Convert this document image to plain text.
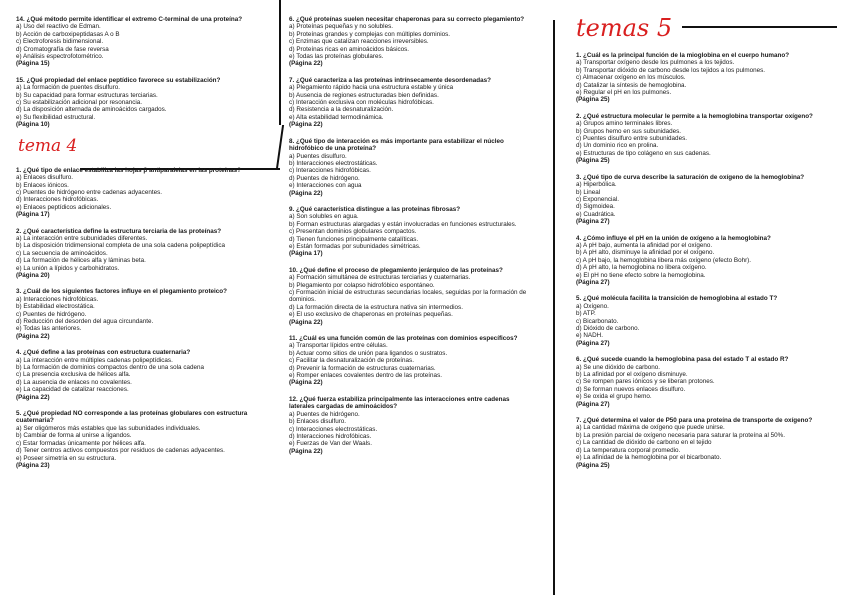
14. ¿Qué método permite identificar el extremo C-terminal de una proteína?
a) Uso del reactivo de Edman.
b) Acción de carboxipeptidasas A o B
c) Electroforesis bidimensional.
d) Cromatografía de fase reversa
e) Análisis espectrofotométrico.
(Página 15)
15. ¿Qué propiedad del enlace peptídico favorece su estabilización?
a) La formación de puentes disulfuro.
b) Su capacidad para formar estructuras terciarias.
c) Su estabilización adicional por resonancia.
d) La disposición alternada de aminoácidos cargados.
e) Su flexibilidad estructural.
(Página 10)
tema 4
1. ¿Qué tipo de enlace estabiliza las hojas β antiparalelas en las proteínas?
a) Enlaces disulfuro.
b) Enlaces iónicos.
c) Puentes de hidrógeno entre cadenas adyacentes.
d) Interacciones hidrofóbicas.
e) Enlaces peptídicos adicionales.
(Página 17)
2. ¿Qué característica define la estructura terciaria de las proteínas?
a) La interacción entre subunidades diferentes.
b) La disposición tridimensional completa de una sola cadena polipeptídica
c) La secuencia de aminoácidos.
d) La formación de hélices alfa y láminas beta.
e) La unión a lípidos y carbohidratos.
(Página 20)
3. ¿Cuál de los siguientes factores influye en el plegamiento proteico?
a) Interacciones hidrofóbicas.
b) Estabilidad electrostática.
c) Puentes de hidrógeno.
d) Reducción del desorden del agua circundante.
e) Todas las anteriores.
(Página 22)
4. ¿Qué define a las proteínas con estructura cuaternaria?
a) La interacción entre múltiples cadenas polipeptídicas.
b) La formación de dominios compactos dentro de una sola cadena
c) La presencia exclusiva de hélices alfa.
d) La ausencia de enlaces no covalentes.
e) La capacidad de catalizar reacciones.
(Página 22)
5. ¿Qué propiedad NO corresponde a las proteínas globulares con estructura cuaternaria?
a) Ser oligómeros más estables que las subunidades individuales.
b) Cambiar de forma al unirse a ligandos.
c) Estar formadas únicamente por hélices alfa.
d) Tener centros activos compuestos por residuos de cadenas adyacentes.
e) Poseer simetría en su estructura.
(Página 23)
6. ¿Qué proteínas suelen necesitar chaperonas para su correcto plegamiento?
a) Proteínas pequeñas y no solubles.
b) Proteínas grandes y complejas con múltiples dominios.
c) Enzimas que catalizan reacciones irreversibles.
d) Proteínas ricas en aminoácidos básicos.
e) Todas las proteínas globulares.
(Página 22)
7. ¿Qué caracteriza a las proteínas intrínsecamente desordenadas?
a) Plegamiento rápido hacia una estructura estable y única
b) Ausencia de regiones estructuradas bien definidas.
c) Interacción exclusiva con moléculas hidrofóbicas.
d) Resistencia a la desnaturalización.
e) Alta estabilidad termodinámica.
(Página 22)
8. ¿Qué tipo de interacción es más importante para estabilizar el núcleo hidrofóbico de una proteína?
a) Puentes disulfuro.
b) Interacciones electrostáticas.
c) Interacciones hidrofóbicas.
d) Puentes de hidrógeno.
e) Interacciones con agua
(Página 22)
9. ¿Qué característica distingue a las proteínas fibrosas?
a) Son solubles en agua.
b) Forman estructuras alargadas y están involucradas en funciones estructurales.
c) Presentan dominios globulares compactos.
d) Tienen funciones principalmente catalíticas.
e) Están formadas por subunidades simétricas.
(Página 17)
10. ¿Qué define el proceso de plegamiento jerárquico de las proteínas?
a) Formación simultánea de estructuras terciarias y cuaternarias.
b) Plegamiento por colapso hidrofóbico espontáneo.
c) Formación inicial de estructuras secundarias locales, seguidas por la formación de dominios.
d) La formación directa de la estructura nativa sin intermedios.
e) El uso exclusivo de chaperonas en proteínas pequeñas.
(Página 22)
11. ¿Cuál es una función común de las proteínas con dominios específicos?
a) Transportar lípidos entre células.
b) Actuar como sitios de unión para ligandos o sustratos.
c) Facilitar la desnaturalización de proteínas.
d) Prevenir la formación de estructuras cuaternarias.
e) Romper enlaces covalentes dentro de las proteínas.
(Página 22)
12. ¿Qué fuerza estabiliza principalmente las interacciones entre cadenas laterales cargadas de aminoácidos?
a) Puentes de hidrógeno.
b) Enlaces disulfuro.
c) Interacciones electrostáticas.
d) Interacciones hidrofóbicas.
e) Fuerzas de Van der Waals.
(Página 22)
temas 5
1. ¿Cuál es la principal función de la mioglobina en el cuerpo humano?
a) Transportar oxígeno desde los pulmones a los tejidos.
b) Transportar dióxido de carbono desde los tejidos a los pulmones.
c) Almacenar oxígeno en los músculos.
d) Catalizar la síntesis de hemoglobina.
e) Regular el pH en los pulmones.
(Página 25)
2. ¿Qué estructura molecular le permite a la hemoglobina transportar oxígeno?
a) Grupos amino terminales libres.
b) Grupos hemo en sus subunidades.
c) Puentes disulfuro entre subunidades.
d) Un dominio rico en prolina.
e) Estructuras de tipo colágeno en sus cadenas.
(Página 25)
3. ¿Qué tipo de curva describe la saturación de oxígeno de la hemoglobina?
a) Hiperbólica.
b) Lineal
c) Exponencial.
d) Sigmoidea.
e) Cuadrática.
(Página 27)
4. ¿Cómo influye el pH en la unión de oxígeno a la hemoglobina?
a) A pH bajo, aumenta la afinidad por el oxígeno.
b) A pH alto, disminuye la afinidad por el oxígeno.
c) A pH bajo, la hemoglobina libera más oxígeno (efecto Bohr).
d) A pH alto, la hemoglobina no libera oxígeno.
e) El pH no tiene efecto sobre la hemoglobina.
(Página 27)
5. ¿Qué molécula facilita la transición de hemoglobina al estado T?
a) Oxígeno.
b) ATP.
c) Bicarbonato.
d) Dióxido de carbono.
e) NADH.
(Página 27)
6. ¿Qué sucede cuando la hemoglobina pasa del estado T al estado R?
a) Se une dióxido de carbono.
b) La afinidad por el oxígeno disminuye.
c) Se rompen pares iónicos y se liberan protones.
d) Se forman nuevos enlaces disulfuro.
e) Se oxida el grupo hemo.
(Página 27)
7. ¿Qué determina el valor de P50 para una proteína de transporte de oxígeno?
a) La cantidad máxima de oxígeno que puede unirse.
b) La presión parcial de oxígeno necesaria para saturar la proteína al 50%.
c) La cantidad de dióxido de carbono en el tejido
d) La temperatura corporal promedio.
e) La afinidad de la hemoglobina por el bicarbonato.
(Página 25)
